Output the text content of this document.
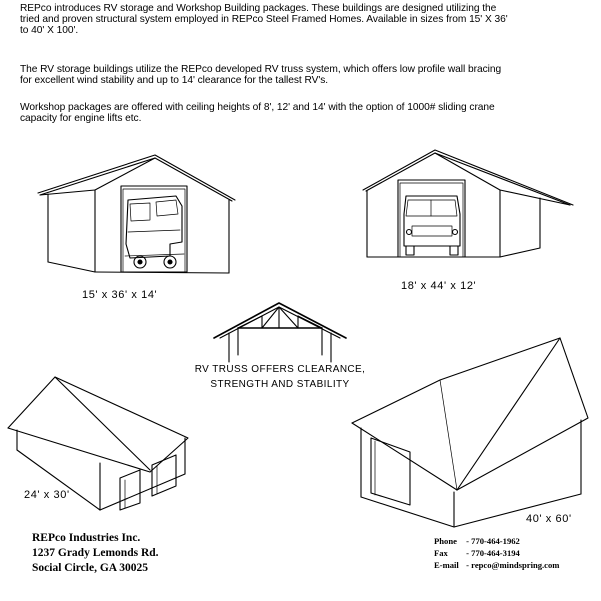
REPco introduces RV storage and Workshop Building packages. These buildings are designed utilizing the
tried and proven structural system employed in REPco Steel Framed Homes. Available in sizes from 15' X 36'
to 40' X 100'.
The RV storage buildings utilize the REPco developed RV truss system, which offers low profile wall bracing
for excellent wind stability and up to 14' clearance for the tallest RV's.
Workshop packages are offered with ceiling heights of 8', 12' and 14' with the option of 1000# sliding crane
capacity for engine lifts etc.
15' x 36' x 14'
18' x 44' x 12'
24' x 30'
40' x 60'
RV TRUSS OFFERS CLEARANCE,
STRENGTH AND STABILITY
REPco Industries Inc.
1237 Grady Lemonds Rd.
Social Circle, GA 30025
Phone - 770-464-1962
Fax - 770-464-3194
E-mail - repco@mindspring.com
